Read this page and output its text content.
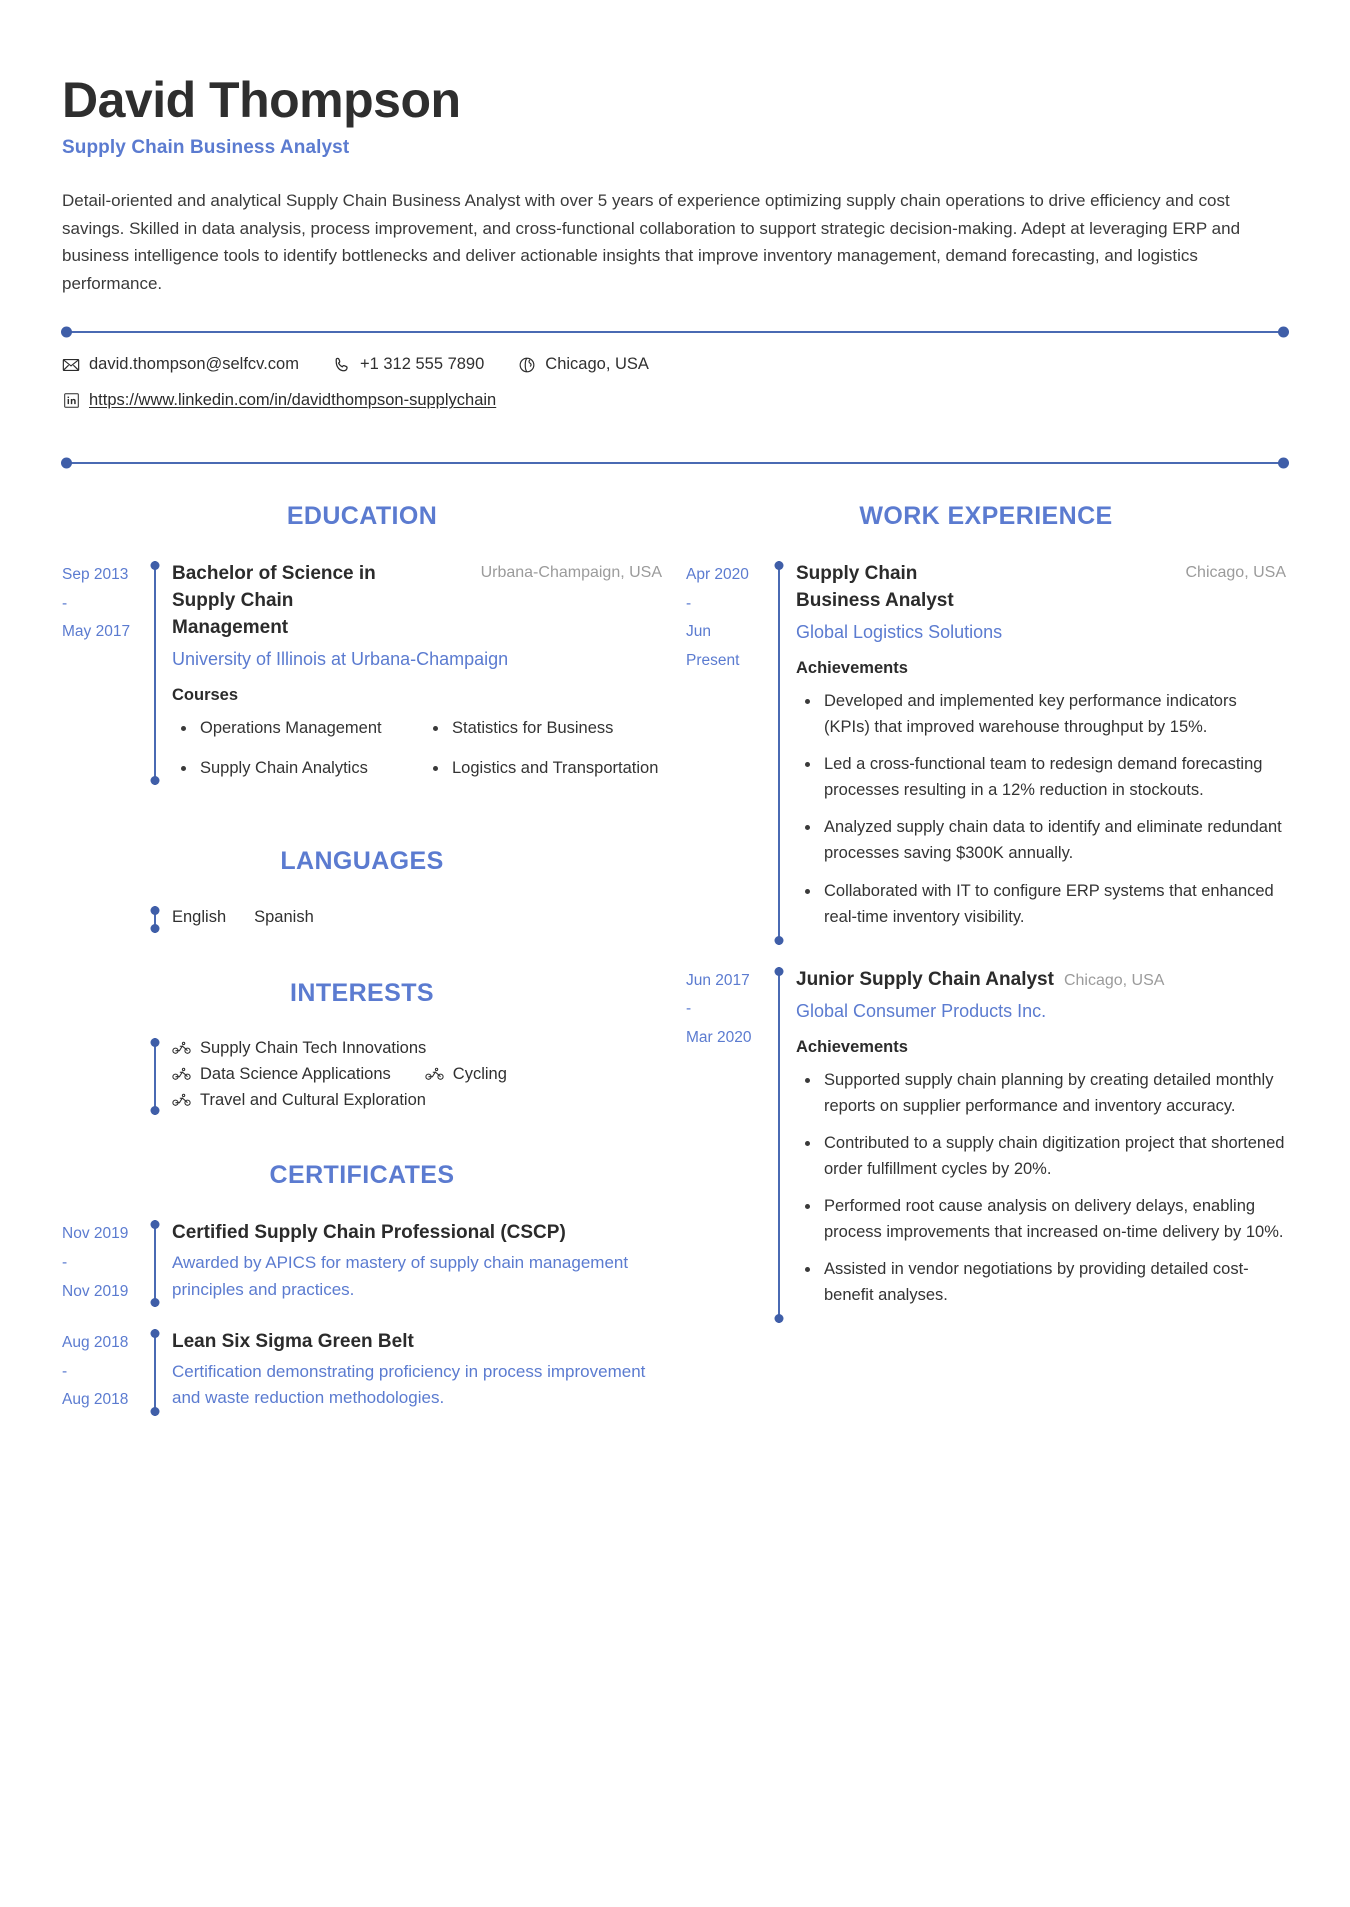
David Thompson
Supply Chain Business Analyst

Detail-oriented and analytical Supply Chain Business Analyst with over 5 years of experience optimizing supply chain operations to drive efficiency and cost savings. Skilled in data analysis, process improvement, and cross-functional collaboration to support strategic decision-making. Adept at leveraging ERP and business intelligence tools to identify bottlenecks and deliver actionable insights that improve inventory management, demand forecasting, and logistics performance.

david.thompson@selfcv.com	+1 312 555 7890	Chicago, USA
https://www.linkedin.com/in/davidthompson-supplychain
EDUCATION
Sep 2013
-
May 2017
Bachelor of Science in Supply Chain Management
Urbana-Champaign, USA
University of Illinois at Urbana-Champaign
Courses
Operations Management	Statistics for Business
Supply Chain Analytics	Logistics and Transportation
LANGUAGES
English Spanish
INTERESTS
Supply Chain Tech Innovations
Data Science Applications	Cycling
Travel and Cultural Exploration
CERTIFICATES
Nov 2019
-
Nov 2019
Certified Supply Chain Professional (CSCP)
Awarded by APICS for mastery of supply chain management principles and practices.
Aug 2018
-
Aug 2018
Lean Six Sigma Green Belt
Certification demonstrating proficiency in process improvement and waste reduction methodologies.
WORK EXPERIENCE
Apr 2020
-
Jun
Present
Supply Chain Business Analyst
Chicago, USA
Global Logistics Solutions
Achievements
Developed and implemented key performance indicators (KPIs) that improved warehouse throughput by 15%.
Led a cross-functional team to redesign demand forecasting processes resulting in a 12% reduction in stockouts.
Analyzed supply chain data to identify and eliminate redundant processes saving $300K annually.
Collaborated with IT to configure ERP systems that enhanced real-time inventory visibility.
Jun 2017
-
Mar 2020
Junior Supply Chain Analyst Chicago, USA
Global Consumer Products Inc.
Achievements
Supported supply chain planning by creating detailed monthly reports on supplier performance and inventory accuracy.
Contributed to a supply chain digitization project that shortened order fulfillment cycles by 20%.
Performed root cause analysis on delivery delays, enabling process improvements that increased on-time delivery by 10%.
Assisted in vendor negotiations by providing detailed cost-benefit analyses.
